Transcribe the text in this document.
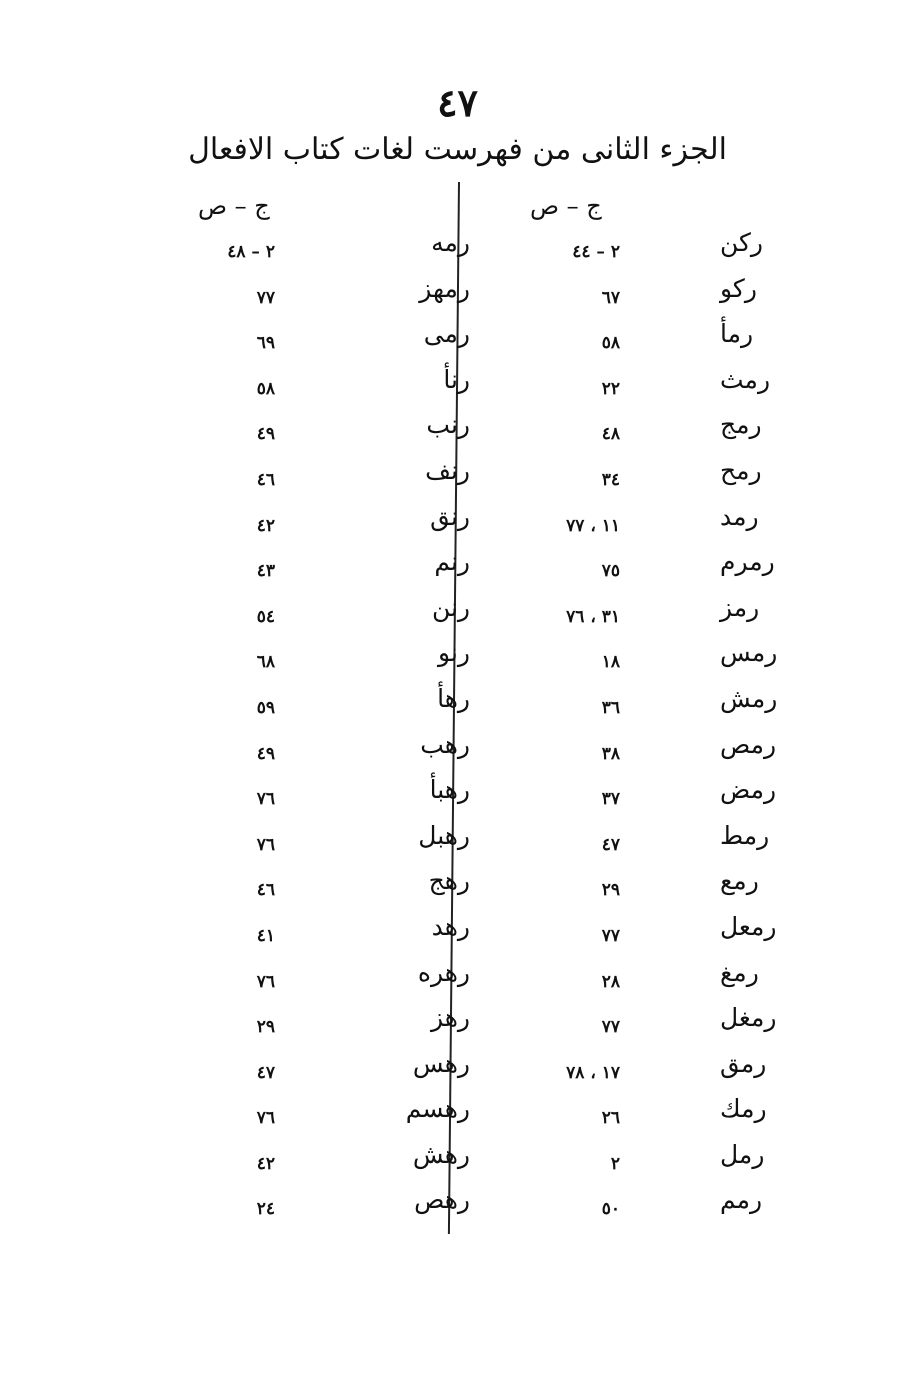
٤٧
الجزء الثانی من فهرست لغات کتاب الافعال
ج – ص
ج – ص
رکن
٢ – ٤٤
رکو
٦٧
رمأ
٥٨
رمث
٢٢
رمج
٤٨
رمح
٣٤
رمد
١١ ، ٧٧
رمرم
٧٥
رمز
٣١ ، ٧٦
رمس
١٨
رمش
٣٦
رمص
٣٨
رمض
٣٧
رمط
٤٧
رمع
٢٩
رمعل
٧٧
رمغ
٢٨
رمغل
٧٧
رمق
١٧ ، ٧٨
رمك
٢٦
رمل
٢
رمم
٥٠
رمه
٢ – ٤٨
رمهز
٧٧
رمی
٦٩
رنأ
٥٨
رنب
٤٩
رنف
٤٦
رنق
٤٢
رنم
٤٣
رنن
٥٤
رنو
٦٨
رهأ
٥٩
رهب
٤٩
رهبأ
٧٦
رهبل
٧٦
رهج
٤٦
رهد
٤١
رهره
٧٦
رهز
٢٩
رهس
٤٧
رهسم
٧٦
رهش
٤٢
رهص
٢٤
